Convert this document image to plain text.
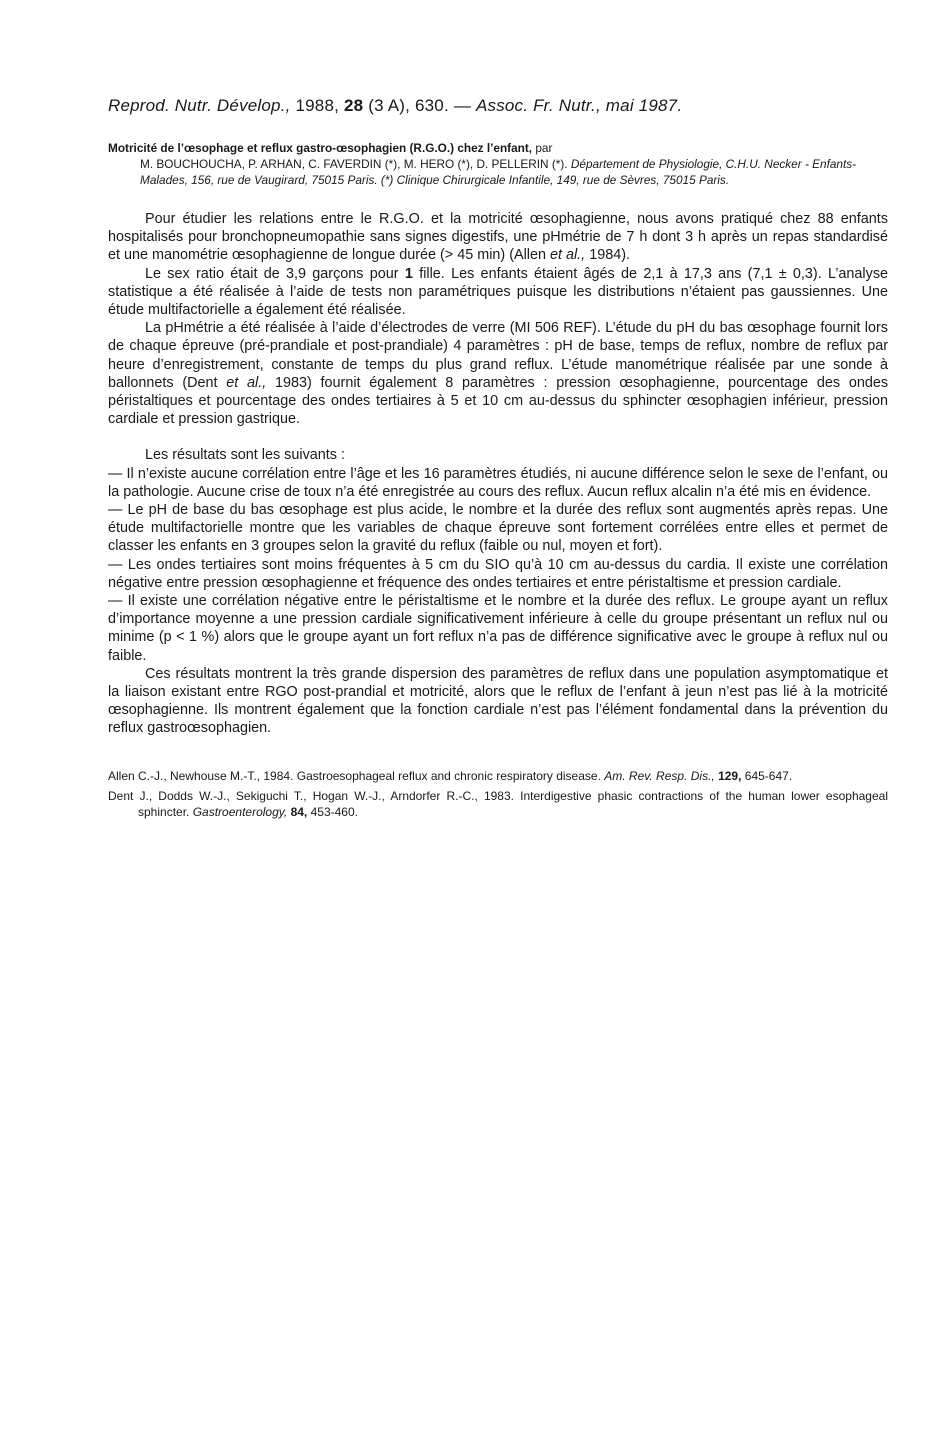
Reprod. Nutr. Dévelop., 1988, 28 (3 A), 630. — Assoc. Fr. Nutr., mai 1987.
Motricité de l’œsophage et reflux gastro-œsophagien (R.G.O.) chez l’enfant, par
M. BOUCHOUCHA, P. ARHAN, C. FAVERDIN (*), M. HERO (*), D. PELLERIN (*). Département de Physiologie, C.H.U. Necker - Enfants-Malades, 156, rue de Vaugirard, 75015 Paris. (*) Clinique Chirurgicale Infantile, 149, rue de Sèvres, 75015 Paris.

Pour étudier les relations entre le R.G.O. et la motricité œsophagienne, nous avons pratiqué chez 88 enfants hospitalisés pour bronchopneumopathie sans signes digestifs, une pHmétrie de 7 h dont 3 h après un repas standardisé et une manométrie œsophagienne de longue durée (> 45 min) (Allen et al., 1984).

Le sex ratio était de 3,9 garçons pour 1 fille. Les enfants étaient âgés de 2,1 à 17,3 ans (7,1 ± 0,3). L’analyse statistique a été réalisée à l’aide de tests non paramétriques puisque les distributions n’étaient pas gaussiennes. Une étude multifactorielle a également été réalisée.

La pHmétrie a été réalisée à l’aide d’électrodes de verre (MI 506 REF). L’étude du pH du bas œsophage fournit lors de chaque épreuve (pré-prandiale et post-prandiale) 4 paramètres : pH de base, temps de reflux, nombre de reflux par heure d’enregistrement, constante de temps du plus grand reflux. L’étude manométrique réalisée par une sonde à ballonnets (Dent et al., 1983) fournit également 8 paramètres : pression œsophagienne, pourcentage des ondes péristaltiques et pourcentage des ondes tertiaires à 5 et 10 cm au-dessus du sphincter œsophagien inférieur, pression cardiale et pression gastrique.

Les résultats sont les suivants :

— Il n’existe aucune corrélation entre l’âge et les 16 paramètres étudiés, ni aucune différence selon le sexe de l’enfant, ou la pathologie. Aucune crise de toux n’a été enregistrée au cours des reflux. Aucun reflux alcalin n’a été mis en évidence.

— Le pH de base du bas œsophage est plus acide, le nombre et la durée des reflux sont augmentés après repas. Une étude multifactorielle montre que les variables de chaque épreuve sont fortement corrélées entre elles et permet de classer les enfants en 3 groupes selon la gravité du reflux (faible ou nul, moyen et fort).

— Les ondes tertiaires sont moins fréquentes à 5 cm du SIO qu’à 10 cm au-dessus du cardia. Il existe une corrélation négative entre pression œsophagienne et fréquence des ondes tertiaires et entre péristaltisme et pression cardiale.

— Il existe une corrélation négative entre le péristaltisme et le nombre et la durée des reflux. Le groupe ayant un reflux d’importance moyenne a une pression cardiale significativement inférieure à celle du groupe présentant un reflux nul ou minime (p < 1 %) alors que le groupe ayant un fort reflux n’a pas de différence significative avec le groupe à reflux nul ou faible.

Ces résultats montrent la très grande dispersion des paramètres de reflux dans une population asymptomatique et la liaison existant entre RGO post-prandial et motricité, alors que le reflux de l’enfant à jeun n’est pas lié à la motricité œsophagienne. Ils montrent également que la fonction cardiale n’est pas l’élément fondamental dans la prévention du reflux gastroœsophagien.

Allen C.-J., Newhouse M.-T., 1984. Gastroesophageal reflux and chronic respiratory disease. Am. Rev. Resp. Dis., 129, 645-647.

Dent J., Dodds W.-J., Sekiguchi T., Hogan W.-J., Arndorfer R.-C., 1983. Interdigestive phasic contractions of the human lower esophageal sphincter. Gastroenterology, 84, 453-460.
